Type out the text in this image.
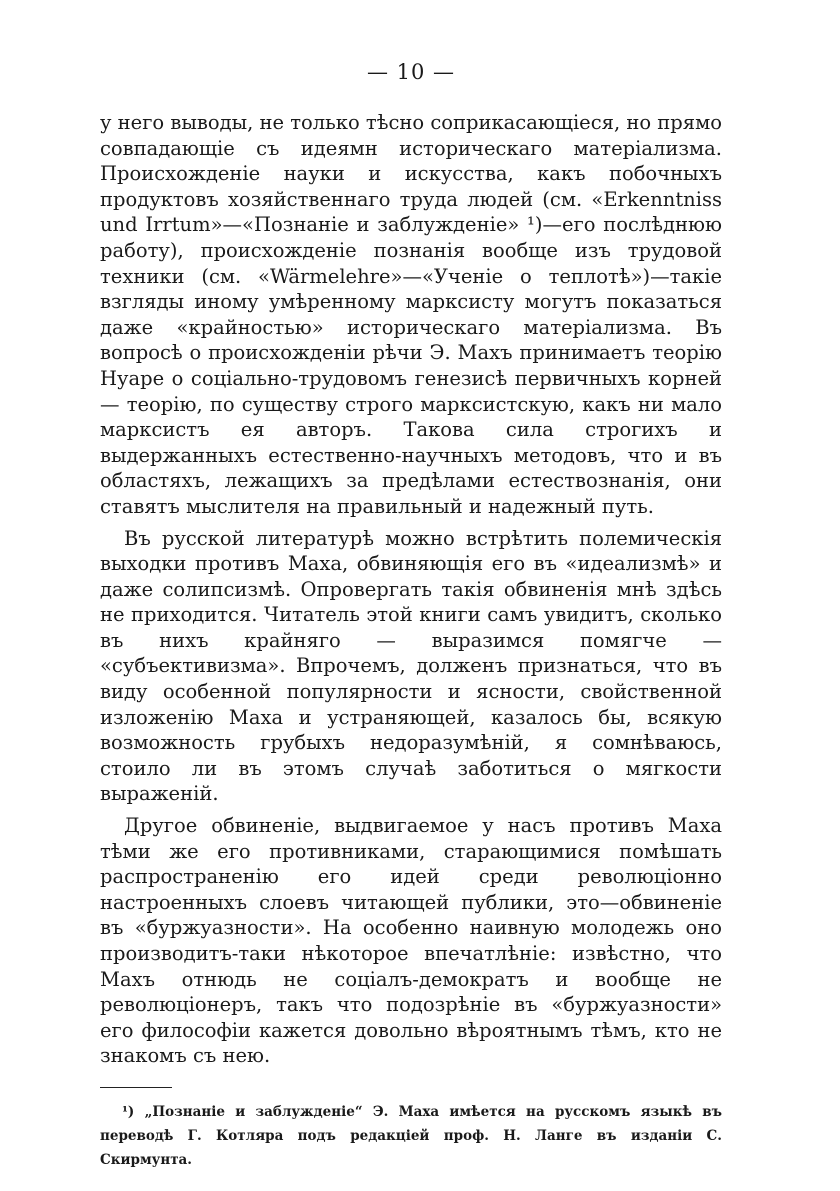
— 10 —

у него выводы, не только тѣсно соприкасающіеся, но прямо совпадающіе съ идеямн историческаго матеріализма. Происхожденіе науки и искусства, какъ побочныхъ продуктовъ хозяйственнаго труда людей (см. «Erkenntniss und Irrtum»—«Познаніе и заблужденіе» ¹)—его послѣднюю работу), происхожденіе познанія вообще изъ трудовой техники (см. «Wärmelehre»—«Ученіе о теплотѣ»)—такіе взгляды иному умѣренному марксисту могутъ показаться даже «крайностью» историческаго матеріализма. Въ вопросѣ о происхожденіи рѣчи Э. Махъ принимаетъ теорію Нуаре о соціально-трудовомъ генезисѣ первичныхъ корней — теорію, по существу строго марксистскую, какъ ни мало марксистъ ея авторъ. Такова сила строгихъ и выдержанныхъ естественно-научныхъ методовъ, что и въ областяхъ, лежащихъ за предѣлами естествознанія, они ставятъ мыслителя на правильный и надежный путь.

Въ русской литературѣ можно встрѣтить полемическія выходки противъ Маха, обвиняющія его въ «идеализмѣ» и даже солипсизмѣ. Опровергать такія обвиненія мнѣ здѣсь не приходится. Читатель этой книги самъ увидитъ, сколько въ нихъ крайняго — выразимся помягче — «субъективизма». Впрочемъ, долженъ признаться, что въ виду особенной популярности и ясности, свойственной изложенію Маха и устраняющей, казалось бы, всякую возможность грубыхъ недоразумѣній, я сомнѣваюсь, стоило ли въ этомъ случаѣ заботиться о мягкости выраженій.

Другое обвиненіе, выдвигаемое у насъ противъ Маха тѣми же его противниками, старающимися помѣшать распространенію его идей среди революціонно настроенныхъ слоевъ читающей публики, это—обвиненіе въ «буржуазности». На особенно наивную молодежь оно производитъ-таки нѣкоторое впечатлѣніе: извѣстно, что Махъ отнюдь не соціалъ-демократъ и вообще не революціонеръ, такъ что подозрѣніе въ «буржуазности» его философіи кажется довольно вѣроятнымъ тѣмъ, кто не знакомъ съ нею.

¹) „Познаніе и заблужденіе“ Э. Маха имѣется на русскомъ языкѣ въ переводѣ Г. Котляра подъ редакціей проф. Н. Ланге въ изданіи С. Скирмунта.
